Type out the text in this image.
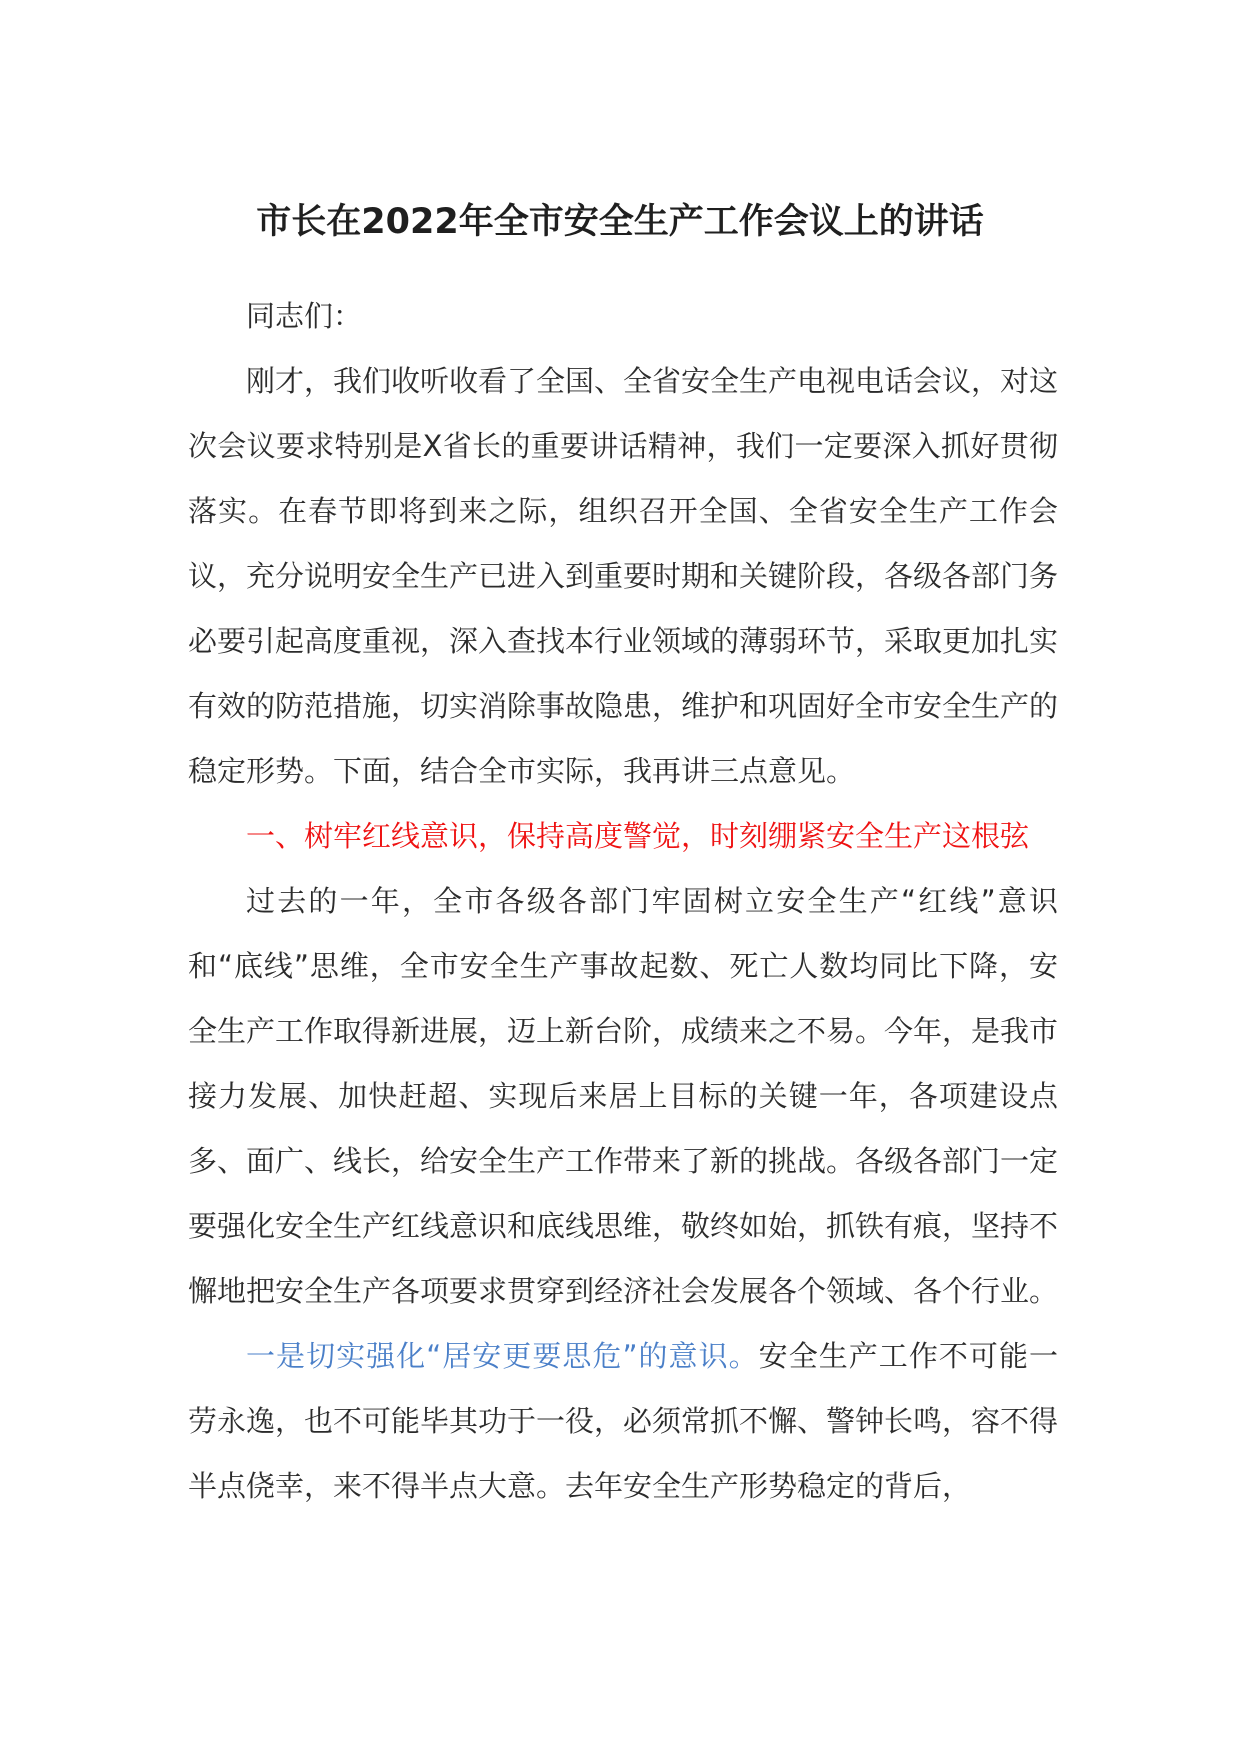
市长在2022年全市安全生产工作会议上的讲话

同志们：

刚才，我们收听收看了全国、全省安全生产电视电话会议，对这次会议要求特别是X省长的重要讲话精神，我们一定要深入抓好贯彻落实。在春节即将到来之际，组织召开全国、全省安全生产工作会议，充分说明安全生产已进入到重要时期和关键阶段，各级各部门务必要引起高度重视，深入查找本行业领域的薄弱环节，采取更加扎实有效的防范措施，切实消除事故隐患，维护和巩固好全市安全生产的稳定形势。下面，结合全市实际，我再讲三点意见。

一、树牢红线意识，保持高度警觉，时刻绷紧安全生产这根弦

过去的一年，全市各级各部门牢固树立安全生产“红线”意识和“底线”思维，全市安全生产事故起数、死亡人数均同比下降，安全生产工作取得新进展，迈上新台阶，成绩来之不易。今年，是我市接力发展、加快赶超、实现后来居上目标的关键一年，各项建设点多、面广、线长，给安全生产工作带来了新的挑战。各级各部门一定要强化安全生产红线意识和底线思维，敬终如始，抓铁有痕，坚持不懈地把安全生产各项要求贯穿到经济社会发展各个领域、各个行业。

一是切实强化“居安更要思危”的意识。安全生产工作不可能一劳永逸，也不可能毕其功于一役，必须常抓不懈、警钟长鸣，容不得半点侥幸，来不得半点大意。去年安全生产形势稳定的背后，
